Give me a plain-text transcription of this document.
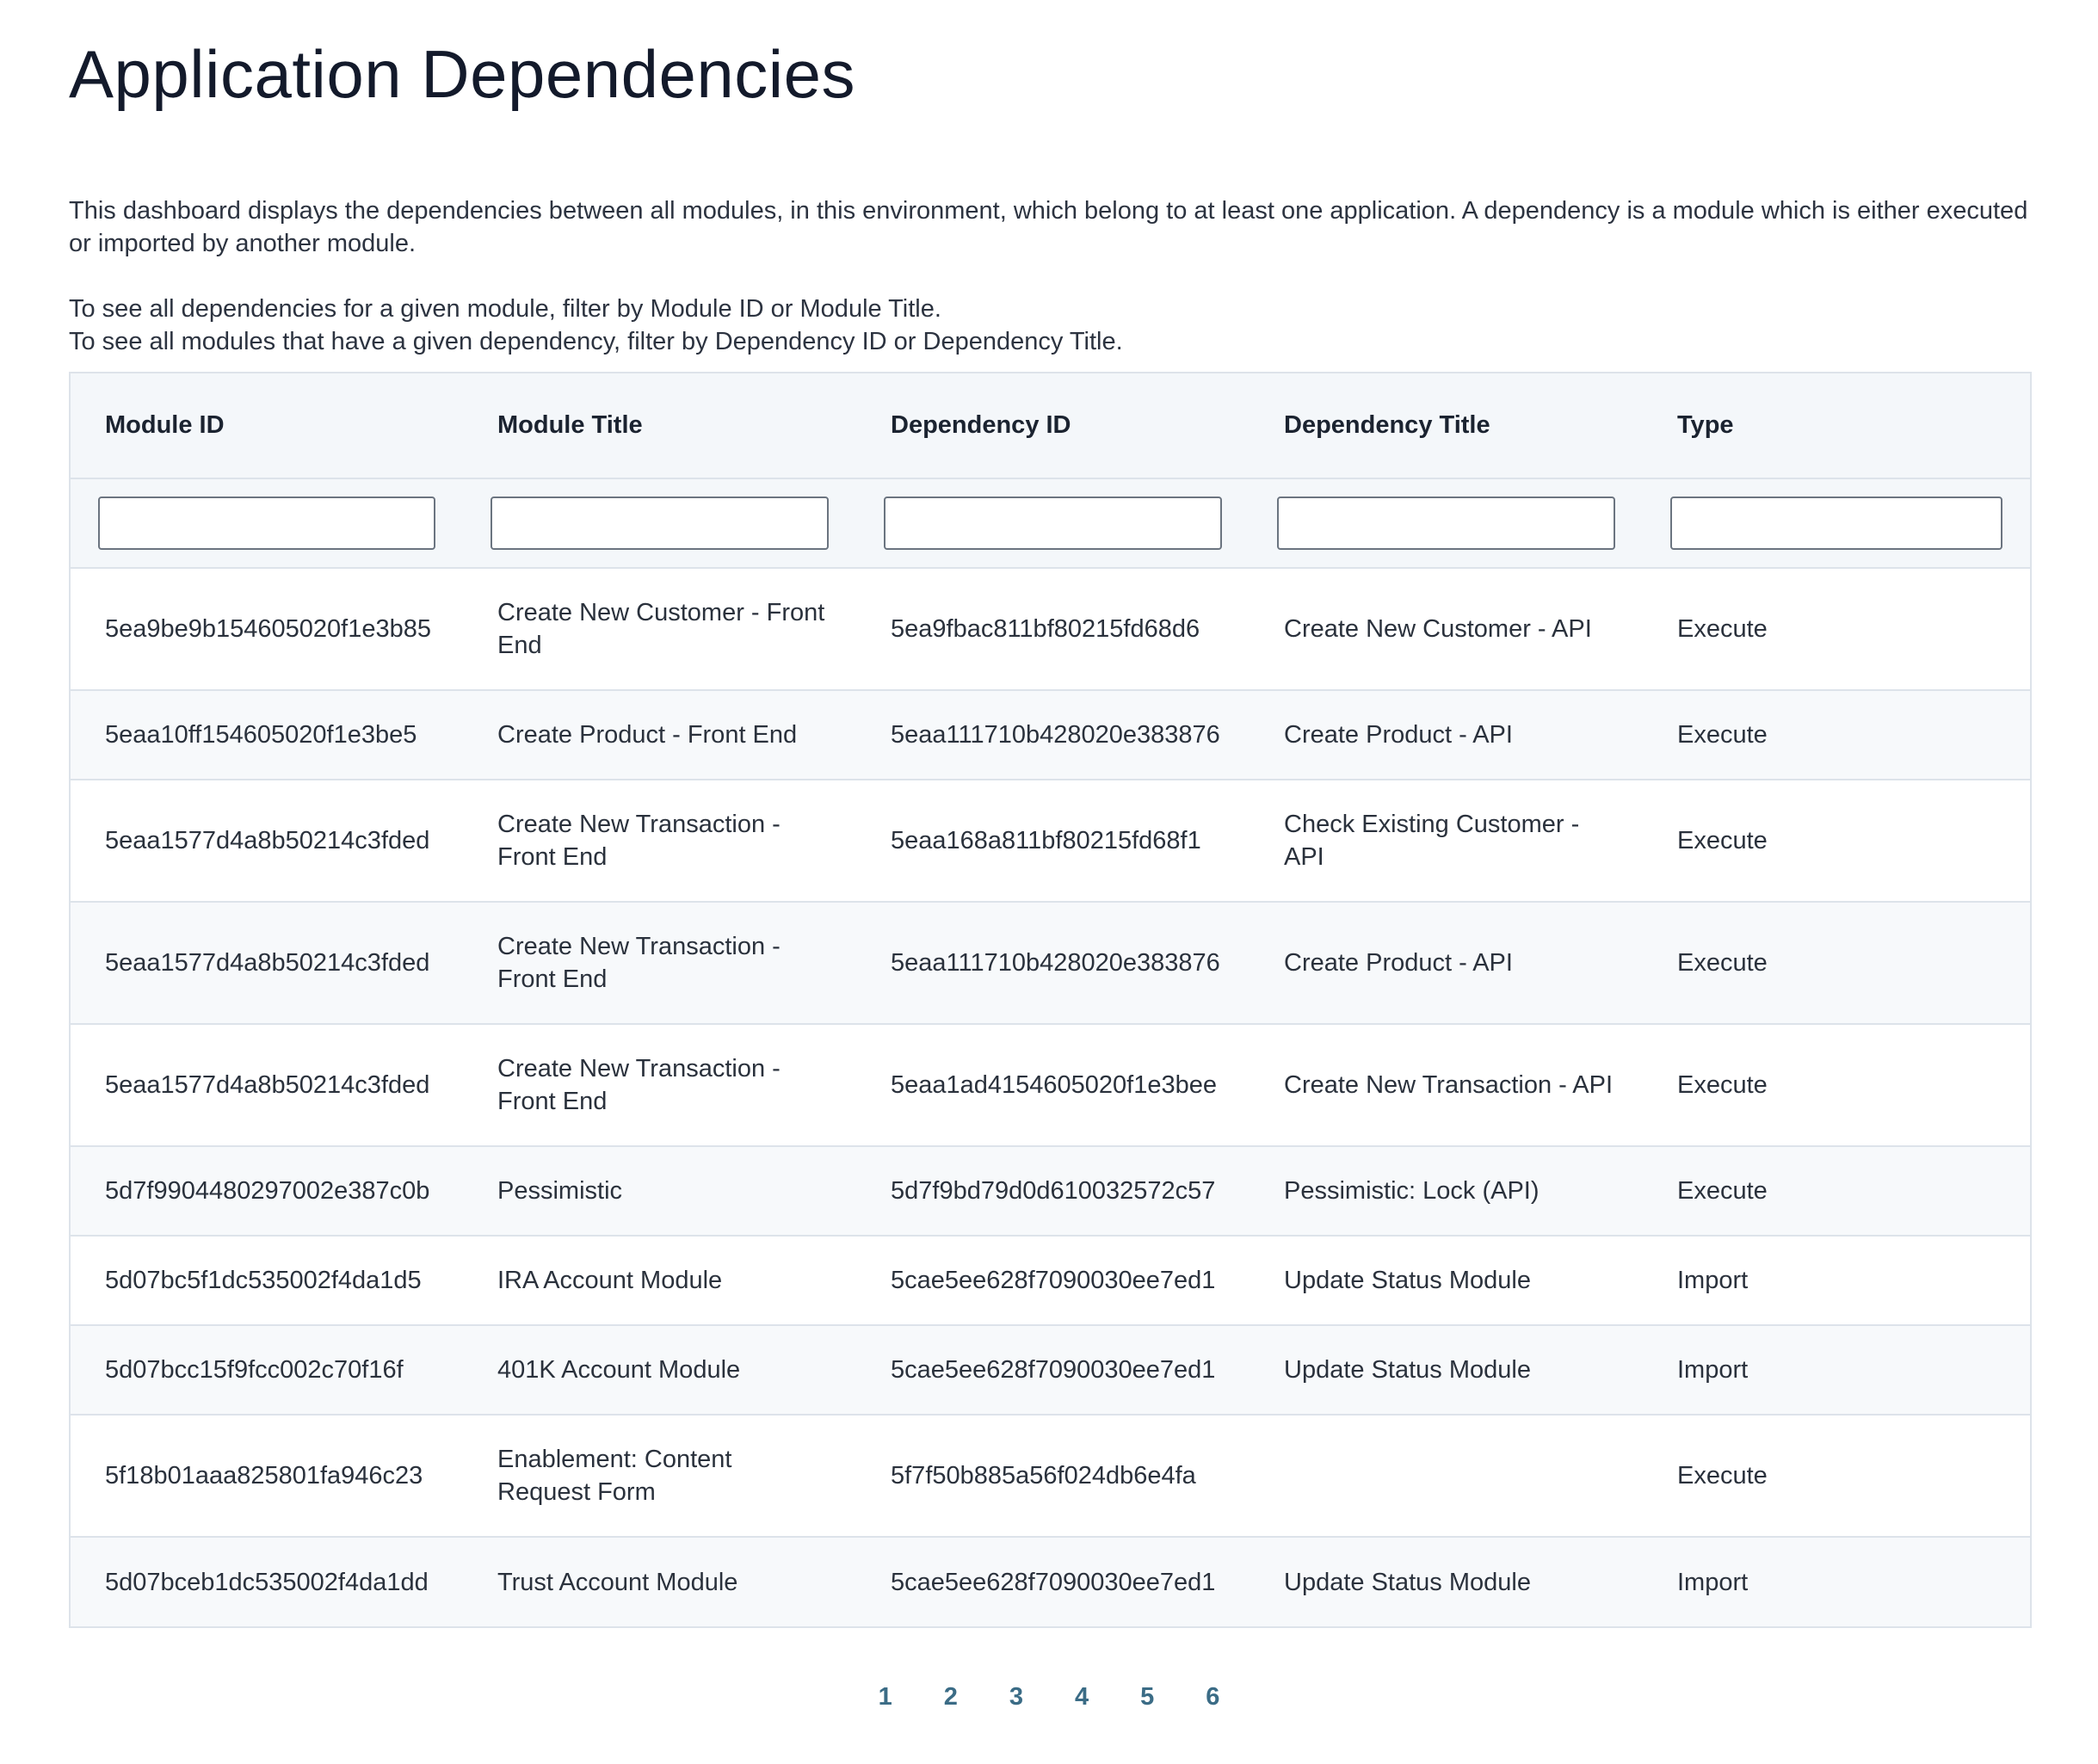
Application Dependencies

This dashboard displays the dependencies between all modules, in this environment, which belong to at least one application. A dependency is a module which is either executed or imported by another module.

To see all dependencies for a given module, filter by Module ID or Module Title.

To see all modules that have a given dependency, filter by Dependency ID or Dependency Title.

Module ID	Module Title	Dependency ID	Dependency Title	Type

5ea9be9b154605020f1e3b85	Create New Customer - Front End	5ea9fbac811bf80215fd68d6	Create New Customer - API	Execute
5eaa10ff154605020f1e3be5	Create Product - Front End	5eaa111710b428020e383876	Create Product - API	Execute
5eaa1577d4a8b50214c3fded	Create New Transaction - Front End	5eaa168a811bf80215fd68f1	Check Existing Customer - API	Execute
5eaa1577d4a8b50214c3fded	Create New Transaction - Front End	5eaa111710b428020e383876	Create Product - API	Execute
5eaa1577d4a8b50214c3fded	Create New Transaction - Front End	5eaa1ad4154605020f1e3bee	Create New Transaction - API	Execute
5d7f9904480297002e387c0b	Pessimistic	5d7f9bd79d0d610032572c57	Pessimistic: Lock (API)	Execute
5d07bc5f1dc535002f4da1d5	IRA Account Module	5cae5ee628f7090030ee7ed1	Update Status Module	Import
5d07bcc15f9fcc002c70f16f	401K Account Module	5cae5ee628f7090030ee7ed1	Update Status Module	Import
5f18b01aaa825801fa946c23	Enablement: Content Request Form	5f7f50b885a56f024db6e4fa		Execute
5d07bceb1dc535002f4da1dd	Trust Account Module	5cae5ee628f7090030ee7ed1	Update Status Module	Import
1 2 3 4 5 6
